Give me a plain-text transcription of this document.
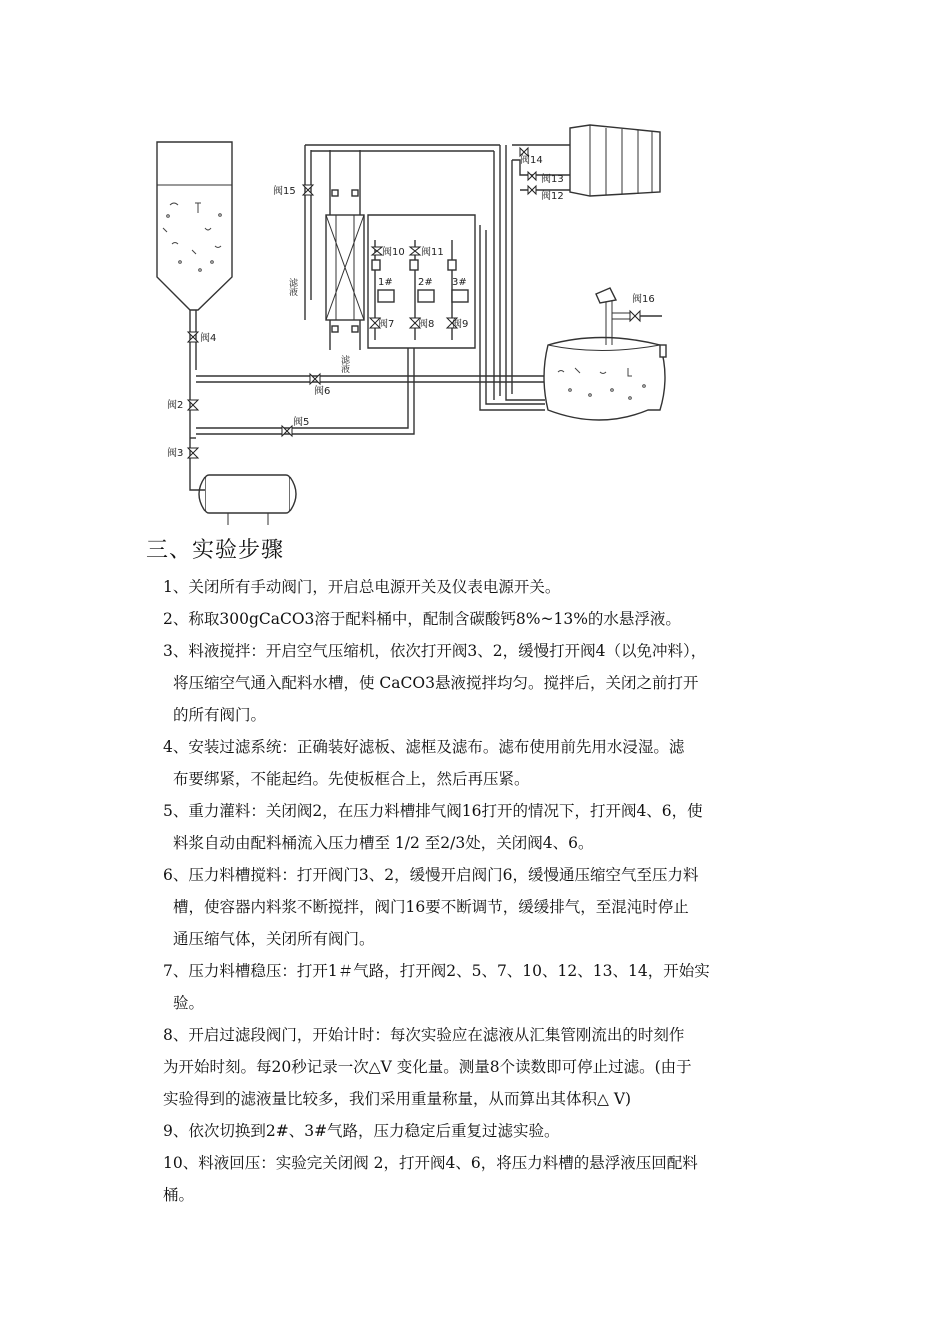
阀4
阀2
阀3
阀6
阀5
阀15
阀10 阀11
阀7 阀8 阀9
阀14
阀13
阀12
阀16
1#	2# 3#
滤液
滤液
三、实验步骤

1、关闭所有手动阀门，开启总电源开关及仪表电源开关。

2、称取300gCaCO3溶于配料桶中，配制含碳酸钙8%~13%的水悬浮液。

3、料液搅拌：开启空气压缩机，依次打开阀3、2，缓慢打开阀4（以免冲料），

将压缩空气通入配料水槽，使 CaCO3悬液搅拌均匀。搅拌后，关闭之前打开

的所有阀门。

4、安装过滤系统：正确装好滤板、滤框及滤布。滤布使用前先用水浸湿。滤

布要绑紧，不能起绉。先使板框合上，然后再压紧。

5、重力灌料：关闭阀2，在压力料槽排气阀16打开的情况下，打开阀4、6，使

料浆自动由配料桶流入压力槽至 1/2 至2/3处，关闭阀4、6。

6、压力料槽搅料：打开阀门3、2，缓慢开启阀门6，缓慢通压缩空气至压力料

槽，使容器内料浆不断搅拌，阀门16要不断调节，缓缓排气，至混沌时停止

通压缩气体，关闭所有阀门。

7、压力料槽稳压：打开1＃气路，打开阀2、5、7、10、12、13、14，开始实

验。

8、开启过滤段阀门，开始计时：每次实验应在滤液从汇集管刚流出的时刻作

为开始时刻。每20秒记录一次△V 变化量。测量8个读数即可停止过滤。(由于

实验得到的滤液量比较多，我们采用重量称量，从而算出其体积△ V)

9、依次切换到2#、3#气路，压力稳定后重复过滤实验。

10、料液回压：实验完关闭阀 2，打开阀4、6，将压力料槽的悬浮液压回配料

桶。
